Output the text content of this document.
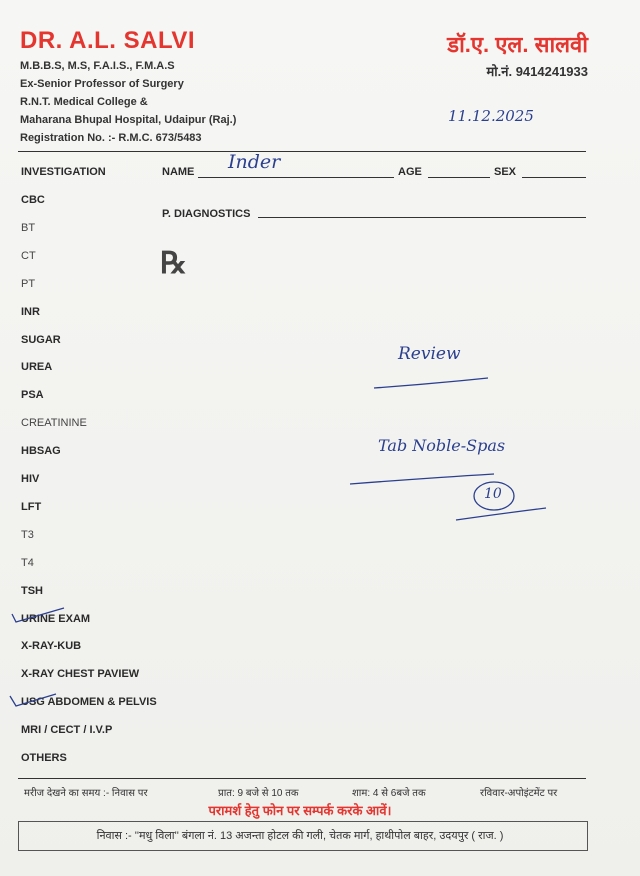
DR. A.L. SALVI
M.B.B.S, M.S, F.A.I.S., F.M.A.S
Ex-Senior Professor of Surgery
R.N.T. Medical College &
Maharana Bhupal Hospital, Udaipur (Raj.)
Registration No. :- R.M.C. 673/5483
डॉ.ए. एल. सालवी
मो.नं. 9414241933
11.12.2025
INVESTIGATION	NAME Inder	AGE	SEX
P. DIAGNOSTICS
℞
CBC
BT
CT
PT
INR
SUGAR
UREA
PSA
CREATININE
HBSAG
HIV
LFT
T3
T4
TSH
URINE EXAM
X-RAY-KUB
X-RAY CHEST PAVIEW
USG ABDOMEN & PELVIS
MRI / CECT / I.V.P
OTHERS
Review
Tab Noble-Spas
10
मरीज देखने का समय :- निवास पर	प्रात: 9 बजे से 10 तक	शाम: 4 से 6बजे तक	रविवार-अपोइंटमेंट पर
परामर्श हेतु फोन पर सम्पर्क करके आवें।
निवास :- ''मधु विला'' बंगला नं. 13 अजन्ता होटल की गली, चेतक मार्ग, हाथीपोल बाहर, उदयपुर ( राज. )
